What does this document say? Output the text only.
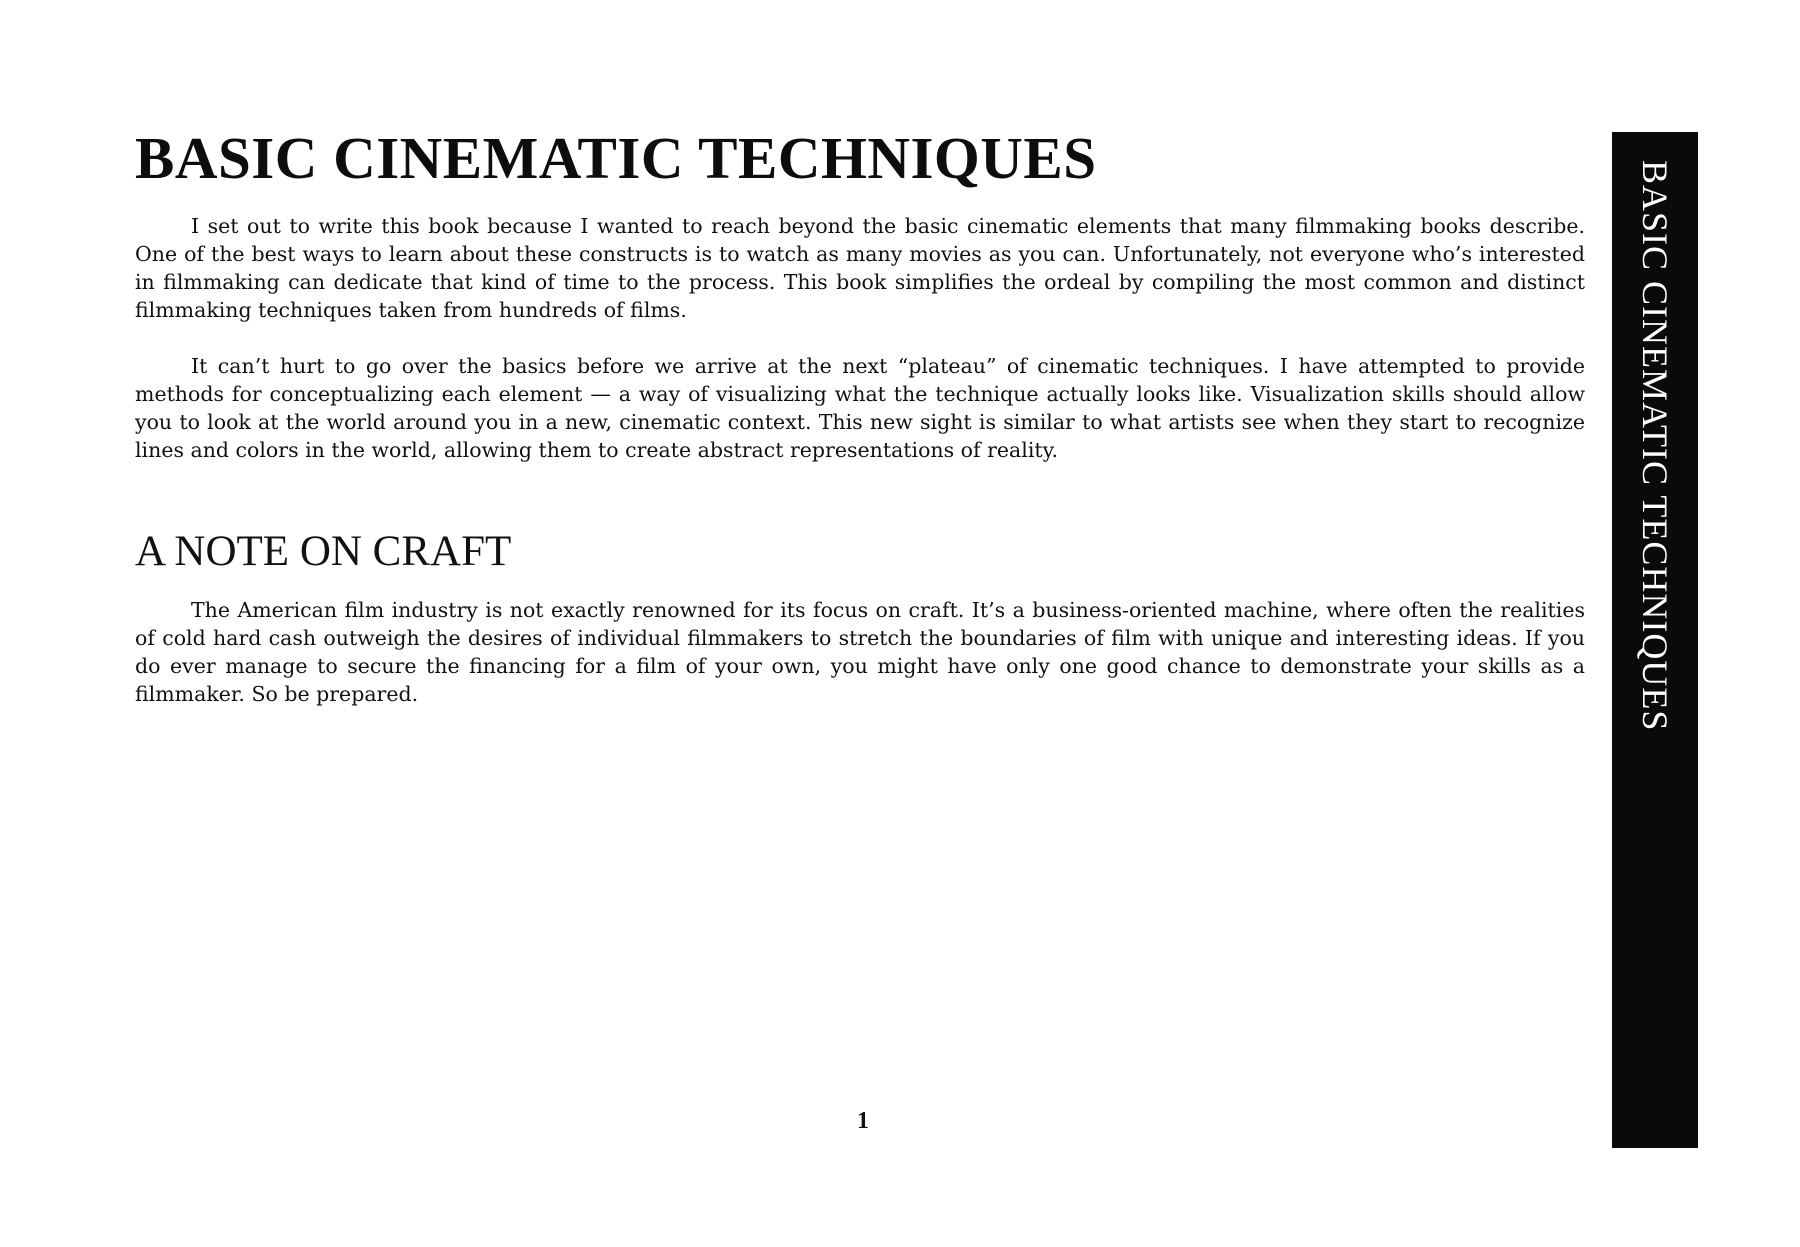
BASIC CINEMATIC TECHNIQUES

I set out to write this book because I wanted to reach beyond the basic cinematic elements that many filmmaking books describe. One of the best ways to learn about these constructs is to watch as many movies as you can. Unfortunately, not everyone who’s interested in filmmaking can dedicate that kind of time to the process. This book simplifies the ordeal by compiling the most common and distinct filmmaking techniques taken from hundreds of films.

It can’t hurt to go over the basics before we arrive at the next “plateau” of cinematic techniques. I have attempted to provide methods for conceptualizing each element — a way of visualizing what the technique actually looks like. Visualization skills should allow you to look at the world around you in a new, cinematic context. This new sight is similar to what artists see when they start to recognize lines and colors in the world, allowing them to create abstract representations of reality.

A NOTE ON CRAFT

The American film industry is not exactly renowned for its focus on craft. It’s a business-oriented machine, where often the realities of cold hard cash outweigh the desires of individual filmmakers to stretch the boundaries of film with unique and interesting ideas. If you do ever manage to secure the financing for a film of your own, you might have only one good chance to demonstrate your skills as a filmmaker. So be prepared.

1
BASIC CINEMATIC TECHNIQUES
